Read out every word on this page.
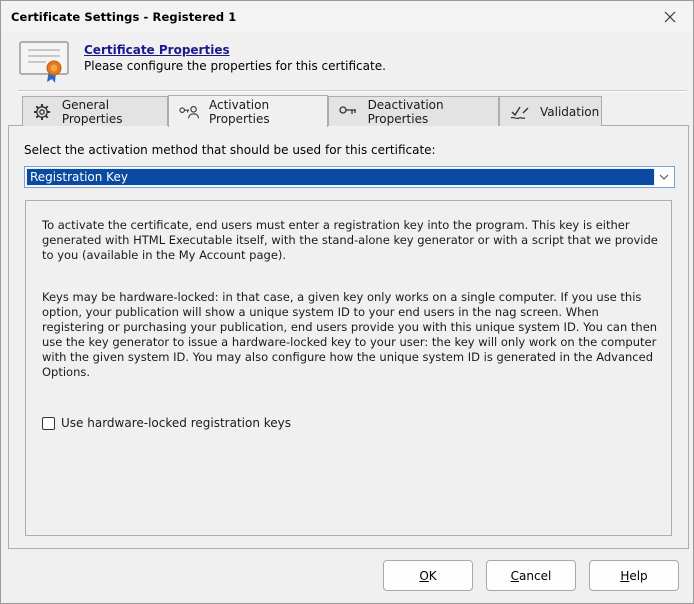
Certificate Settings - Registered 1
Certificate Properties
Please configure the properties for this certificate.
General Properties
Activation Properties
Deactivation Properties	Validation
Select the activation method that should be used for this certificate:
Registration Key
To activate the certificate, end users must enter a registration key into the program. This key is either generated with HTML Executable itself, with the stand-alone key generator or with a script that we provide to you (available in the My Account page).
Keys may be hardware-locked: in that case, a given key only works on a single computer. If you use this option, your publication will show a unique system ID to your end users in the nag screen. When registering or purchasing your publication, end users provide you with this unique system ID. You can then use the key generator to issue a hardware-locked key to your user: the key will only work on the computer with the given system ID. You may also configure how the unique system ID is generated in the Advanced Options.
Use hardware-locked registration keys
O K	C ancel	H elp
